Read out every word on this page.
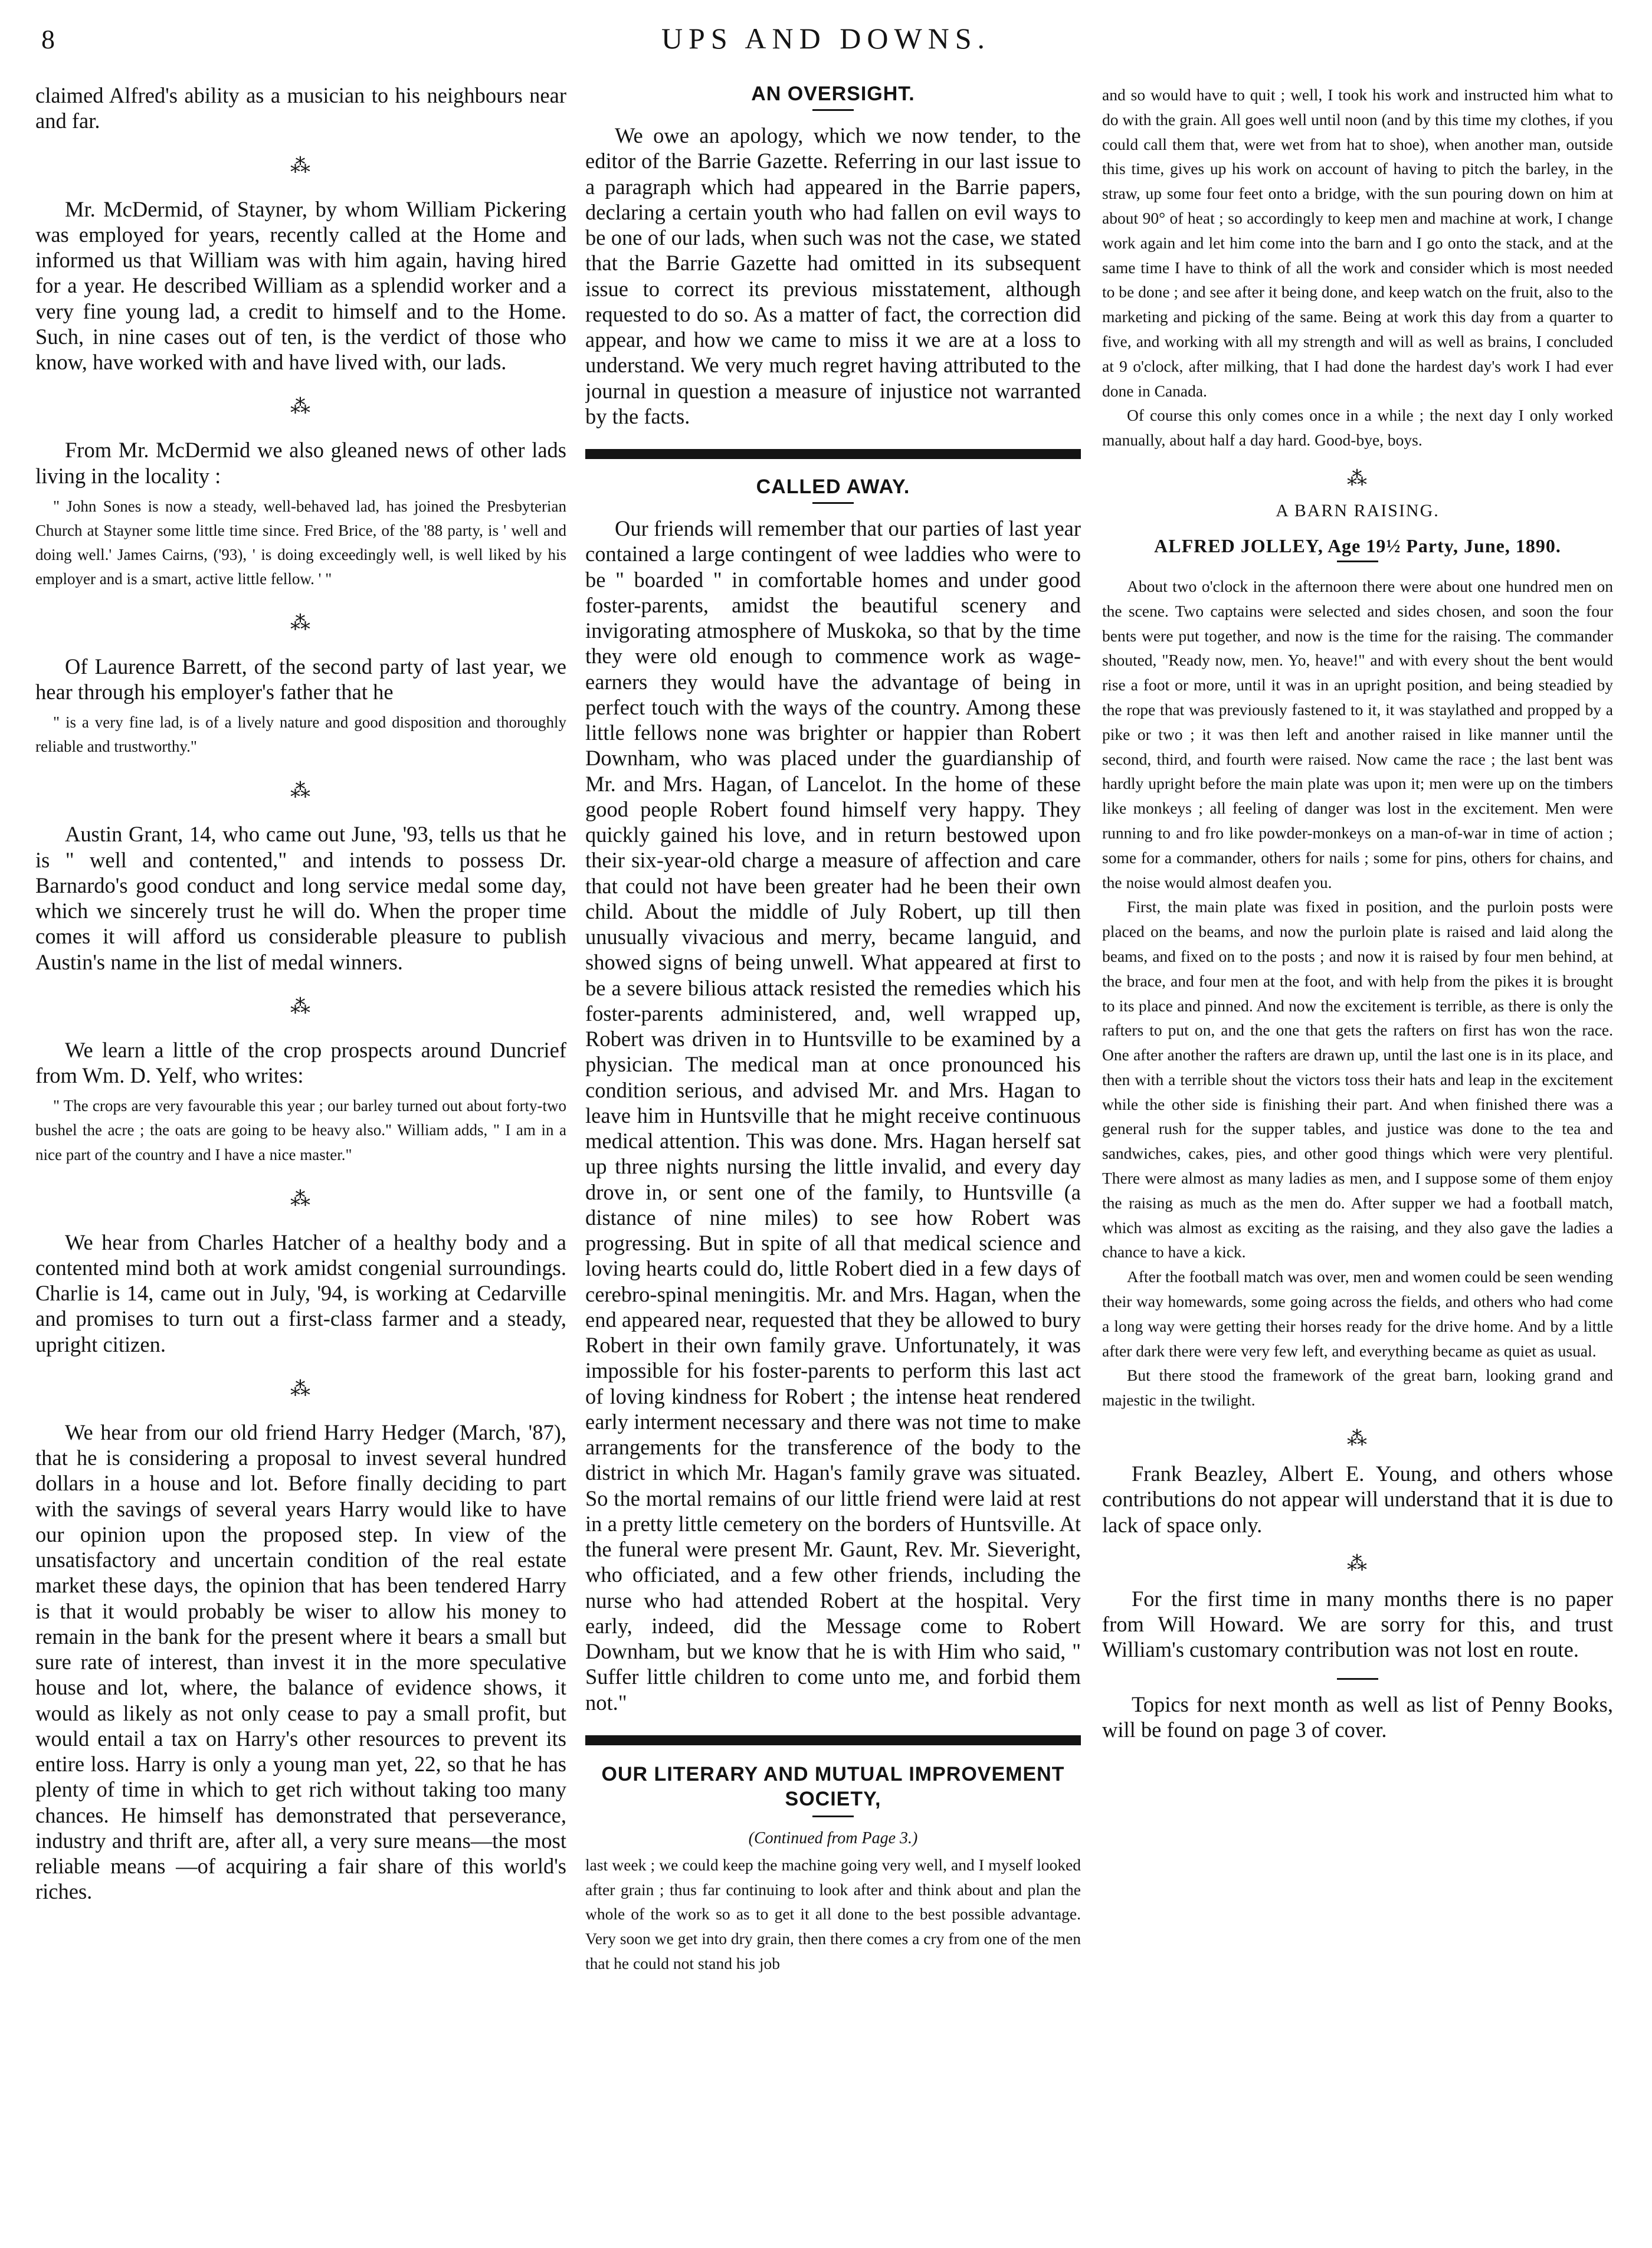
8	UPS AND DOWNS.

claimed Alfred's ability as a musician to his neighbours near and far.

⁂

Mr. McDermid, of Stayner, by whom William Pickering was employed for years, recently called at the Home and informed us that William was with him again, having hired for a year. He described William as a splendid worker and a very fine young lad, a credit to himself and to the Home. Such, in nine cases out of ten, is the verdict of those who know, have worked with and have lived with, our lads.

⁂

From Mr. McDermid we also gleaned news of other lads living in the locality :

" John Sones is now a steady, well-behaved lad, has joined the Presbyterian Church at Stayner some little time since. Fred Brice, of the '88 party, is ' well and doing well.' James Cairns, ('93), ' is doing exceedingly well, is well liked by his employer and is a smart, active little fellow. ' "

⁂

Of Laurence Barrett, of the second party of last year, we hear through his employer's father that he

" is a very fine lad, is of a lively nature and good disposition and thoroughly reliable and trustworthy."

⁂

Austin Grant, 14, who came out June, '93, tells us that he is " well and contented," and intends to possess Dr. Barnardo's good conduct and long service medal some day, which we sincerely trust he will do. When the proper time comes it will afford us considerable pleasure to publish Austin's name in the list of medal winners.

⁂

We learn a little of the crop prospects around Duncrief from Wm. D. Yelf, who writes:

" The crops are very favourable this year ; our barley turned out about forty-two bushel the acre ; the oats are going to be heavy also." William adds, " I am in a nice part of the country and I have a nice master."

⁂

We hear from Charles Hatcher of a healthy body and a contented mind both at work amidst congenial surroundings. Charlie is 14, came out in July, '94, is working at Cedarville and promises to turn out a first-class farmer and a steady, upright citizen.

⁂

We hear from our old friend Harry Hedger (March, '87), that he is considering a proposal to invest several hundred dollars in a house and lot. Before finally deciding to part with the savings of several years Harry would like to have our opinion upon the proposed step. In view of the unsatisfactory and uncertain condition of the real estate market these days, the opinion that has been tendered Harry is that it would probably be wiser to allow his money to remain in the bank for the present where it bears a small but sure rate of interest, than invest it in the more speculative house and lot, where, the balance of evidence shows, it would as likely as not only cease to pay a small profit, but would entail a tax on Harry's other resources to prevent its entire loss. Harry is only a young man yet, 22, so that he has plenty of time in which to get rich without taking too many chances. He himself has demonstrated that perseverance, industry and thrift are, after all, a very sure means—the most reliable means —of acquiring a fair share of this world's riches.

AN OVERSIGHT.

We owe an apology, which we now tender, to the editor of the Barrie Gazette. Referring in our last issue to a paragraph which had appeared in the Barrie papers, declaring a certain youth who had fallen on evil ways to be one of our lads, when such was not the case, we stated that the Barrie Gazette had omitted in its subsequent issue to correct its previous misstatement, although requested to do so. As a matter of fact, the correction did appear, and how we came to miss it we are at a loss to understand. We very much regret having attributed to the journal in question a measure of injustice not warranted by the facts.

CALLED AWAY.

Our friends will remember that our parties of last year contained a large contingent of wee laddies who were to be " boarded " in comfortable homes and under good foster-parents, amidst the beautiful scenery and invigorating atmosphere of Muskoka, so that by the time they were old enough to commence work as wage-earners they would have the advantage of being in perfect touch with the ways of the country. Among these little fellows none was brighter or happier than Robert Downham, who was placed under the guardianship of Mr. and Mrs. Hagan, of Lancelot. In the home of these good people Robert found himself very happy. They quickly gained his love, and in return bestowed upon their six-year-old charge a measure of affection and care that could not have been greater had he been their own child. About the middle of July Robert, up till then unusually vivacious and merry, became languid, and showed signs of being unwell. What appeared at first to be a severe bilious attack resisted the remedies which his foster-parents administered, and, well wrapped up, Robert was driven in to Huntsville to be examined by a physician. The medical man at once pronounced his condition serious, and advised Mr. and Mrs. Hagan to leave him in Huntsville that he might receive continuous medical attention. This was done. Mrs. Hagan herself sat up three nights nursing the little invalid, and every day drove in, or sent one of the family, to Huntsville (a distance of nine miles) to see how Robert was progressing. But in spite of all that medical science and loving hearts could do, little Robert died in a few days of cerebro-spinal meningitis. Mr. and Mrs. Hagan, when the end appeared near, requested that they be allowed to bury Robert in their own family grave. Unfortunately, it was impossible for his foster-parents to perform this last act of loving kindness for Robert ; the intense heat rendered early interment necessary and there was not time to make arrangements for the transference of the body to the district in which Mr. Hagan's family grave was situated. So the mortal remains of our little friend were laid at rest in a pretty little cemetery on the borders of Huntsville. At the funeral were present Mr. Gaunt, Rev. Mr. Sieveright, who officiated, and a few other friends, including the nurse who had attended Robert at the hospital. Very early, indeed, did the Message come to Robert Downham, but we know that he is with Him who said, " Suffer little children to come unto me, and forbid them not."

OUR LITERARY AND MUTUAL IMPROVEMENT SOCIETY,

(Continued from Page 3.)

last week ; we could keep the machine going very well, and I myself looked after grain ; thus far continuing to look after and think about and plan the whole of the work so as to get it all done to the best possible advantage. Very soon we get into dry grain, then there comes a cry from one of the men that he could not stand his job

and so would have to quit ; well, I took his work and instructed him what to do with the grain. All goes well until noon (and by this time my clothes, if you could call them that, were wet from hat to shoe), when another man, outside this time, gives up his work on account of having to pitch the barley, in the straw, up some four feet onto a bridge, with the sun pouring down on him at about 90° of heat ; so accordingly to keep men and machine at work, I change work again and let him come into the barn and I go onto the stack, and at the same time I have to think of all the work and consider which is most needed to be done ; and see after it being done, and keep watch on the fruit, also to the marketing and picking of the same. Being at work this day from a quarter to five, and working with all my strength and will as well as brains, I concluded at 9 o'clock, after milking, that I had done the hardest day's work I had ever done in Canada.

Of course this only comes once in a while ; the next day I only worked manually, about half a day hard. Good-bye, boys.

⁂

A BARN RAISING.

ALFRED JOLLEY, Age 19½ Party, June, 1890.

About two o'clock in the afternoon there were about one hundred men on the scene. Two captains were selected and sides chosen, and soon the four bents were put together, and now is the time for the raising. The commander shouted, "Ready now, men. Yo, heave!" and with every shout the bent would rise a foot or more, until it was in an upright position, and being steadied by the rope that was previously fastened to it, it was staylathed and propped by a pike or two ; it was then left and another raised in like manner until the second, third, and fourth were raised. Now came the race ; the last bent was hardly upright before the main plate was upon it; men were up on the timbers like monkeys ; all feeling of danger was lost in the excitement. Men were running to and fro like powder-monkeys on a man-of-war in time of action ; some for a commander, others for nails ; some for pins, others for chains, and the noise would almost deafen you.

First, the main plate was fixed in position, and the purloin posts were placed on the beams, and now the purloin plate is raised and laid along the beams, and fixed on to the posts ; and now it is raised by four men behind, at the brace, and four men at the foot, and with help from the pikes it is brought to its place and pinned. And now the excitement is terrible, as there is only the rafters to put on, and the one that gets the rafters on first has won the race. One after another the rafters are drawn up, until the last one is in its place, and then with a terrible shout the victors toss their hats and leap in the excitement while the other side is finishing their part. And when finished there was a general rush for the supper tables, and justice was done to the tea and sandwiches, cakes, pies, and other good things which were very plentiful. There were almost as many ladies as men, and I suppose some of them enjoy the raising as much as the men do. After supper we had a football match, which was almost as exciting as the raising, and they also gave the ladies a chance to have a kick.

After the football match was over, men and women could be seen wending their way homewards, some going across the fields, and others who had come a long way were getting their horses ready for the drive home. And by a little after dark there were very few left, and everything became as quiet as usual.

But there stood the framework of the great barn, looking grand and majestic in the twilight.

⁂

Frank Beazley, Albert E. Young, and others whose contributions do not appear will understand that it is due to lack of space only.

⁂

For the first time in many months there is no paper from Will Howard. We are sorry for this, and trust William's customary contribution was not lost en route.

Topics for next month as well as list of Penny Books, will be found on page 3 of cover.
